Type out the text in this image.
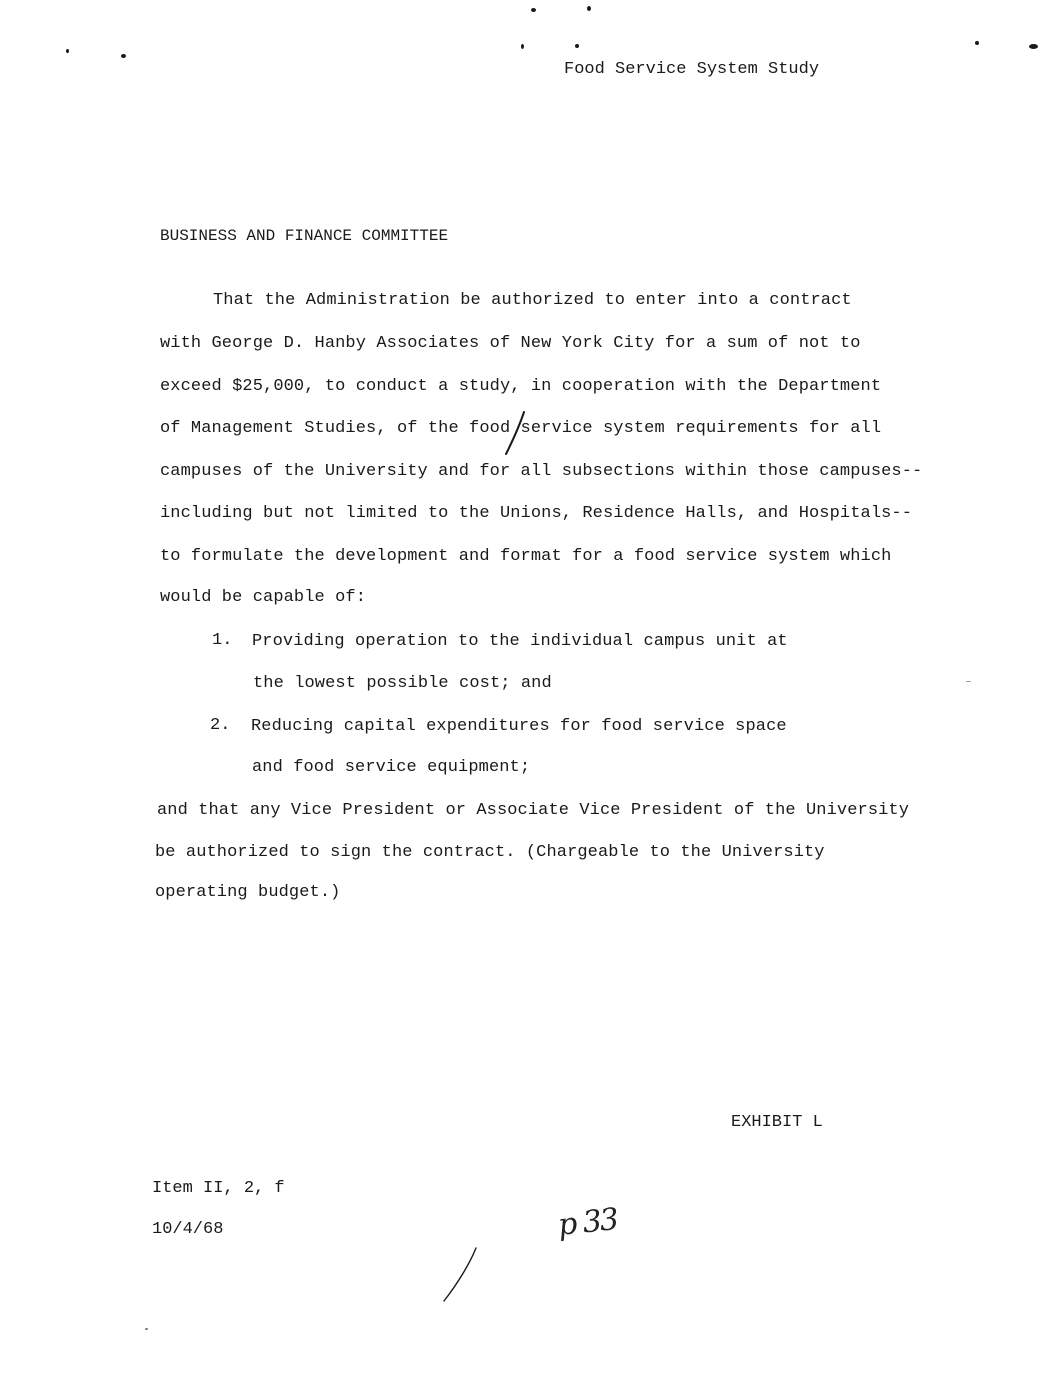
Food Service System Study
BUSINESS AND FINANCE COMMITTEE
That the Administration be authorized to enter into a contract
with George D. Hanby Associates of New York City for a sum of not to
exceed $25,000, to conduct a study, in cooperation with the Department
of Management Studies, of the food service system requirements for all
campuses of the University and for all subsections within those campuses--
including but not limited to the Unions, Residence Halls, and Hospitals--
to formulate the development and format for a food service system which
would be capable of:
1. Providing operation to the individual campus unit at
the lowest possible cost; and
2. Reducing capital expenditures for food service space
and food service equipment;
and that any Vice President or Associate Vice President of the University
be authorized to sign the contract. (Chargeable to the University
operating budget.)
EXHIBIT L
Item II, 2, f
10/4/68	p 33
